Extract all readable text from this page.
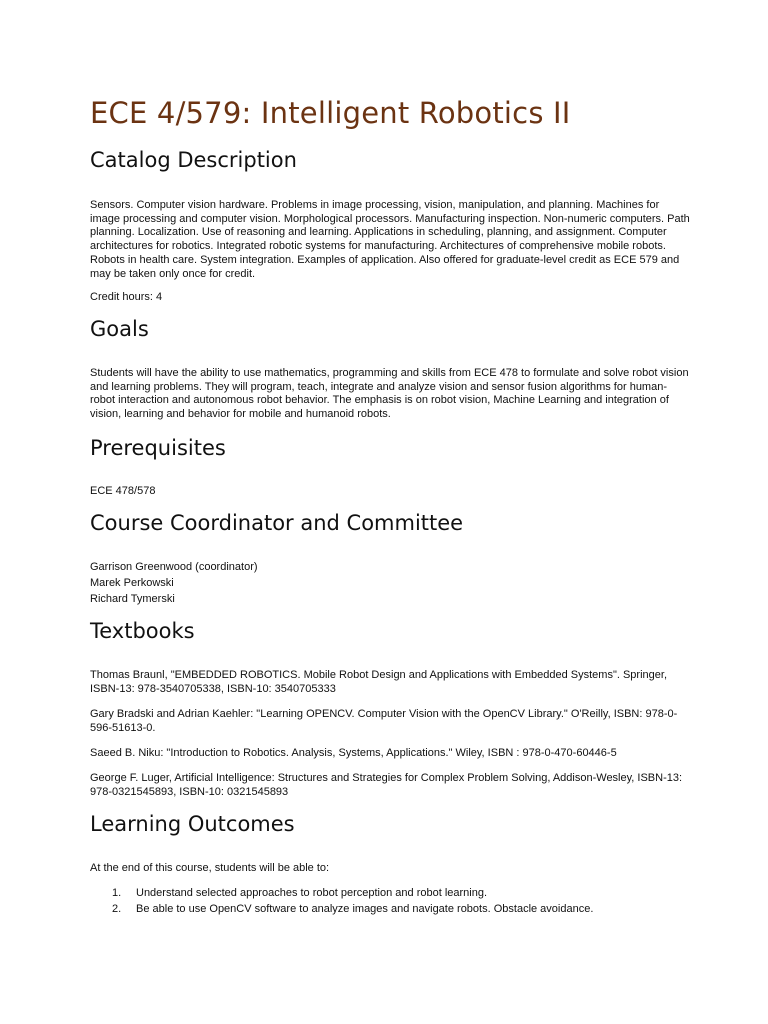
ECE 4/579: Intelligent Robotics II
Catalog Description

Sensors. Computer vision hardware. Problems in image processing, vision, manipulation, and planning. Machines for image processing and computer vision. Morphological processors. Manufacturing inspection. Non-numeric computers. Path planning. Localization. Use of reasoning and learning. Applications in scheduling, planning, and assignment. Computer architectures for robotics. Integrated robotic systems for manufacturing. Architectures of comprehensive mobile robots. Robots in health care. System integration. Examples of application. Also offered for graduate-level credit as ECE 579 and may be taken only once for credit.

Credit hours: 4

Goals

Students will have the ability to use mathematics, programming and skills from ECE 478 to formulate and solve robot vision and learning problems. They will program, teach, integrate and analyze vision and sensor fusion algorithms for human-robot interaction and autonomous robot behavior. The emphasis is on robot vision, Machine Learning and integration of vision, learning and behavior for mobile and humanoid robots.

Prerequisites

ECE 478/578

Course Coordinator and Committee

Garrison Greenwood (coordinator)

Marek Perkowski

Richard Tymerski

Textbooks

Thomas Braunl, "EMBEDDED ROBOTICS. Mobile Robot Design and Applications with Embedded Systems". Springer, ISBN-13: 978-3540705338, ISBN-10: 3540705333

Gary Bradski and Adrian Kaehler: "Learning OPENCV. Computer Vision with the OpenCV Library." O'Reilly, ISBN: 978-0-596-51613-0.

Saeed B. Niku: "Introduction to Robotics. Analysis, Systems, Applications." Wiley, ISBN : 978-0-470-60446-5

George F. Luger, Artificial Intelligence: Structures and Strategies for Complex Problem Solving, Addison-Wesley, ISBN-13: 978-0321545893, ISBN-10: 0321545893

Learning Outcomes

At the end of this course, students will be able to:

1. Understand selected approaches to robot perception and robot learning.
2. Be able to use OpenCV software to analyze images and navigate robots. Obstacle avoidance.
